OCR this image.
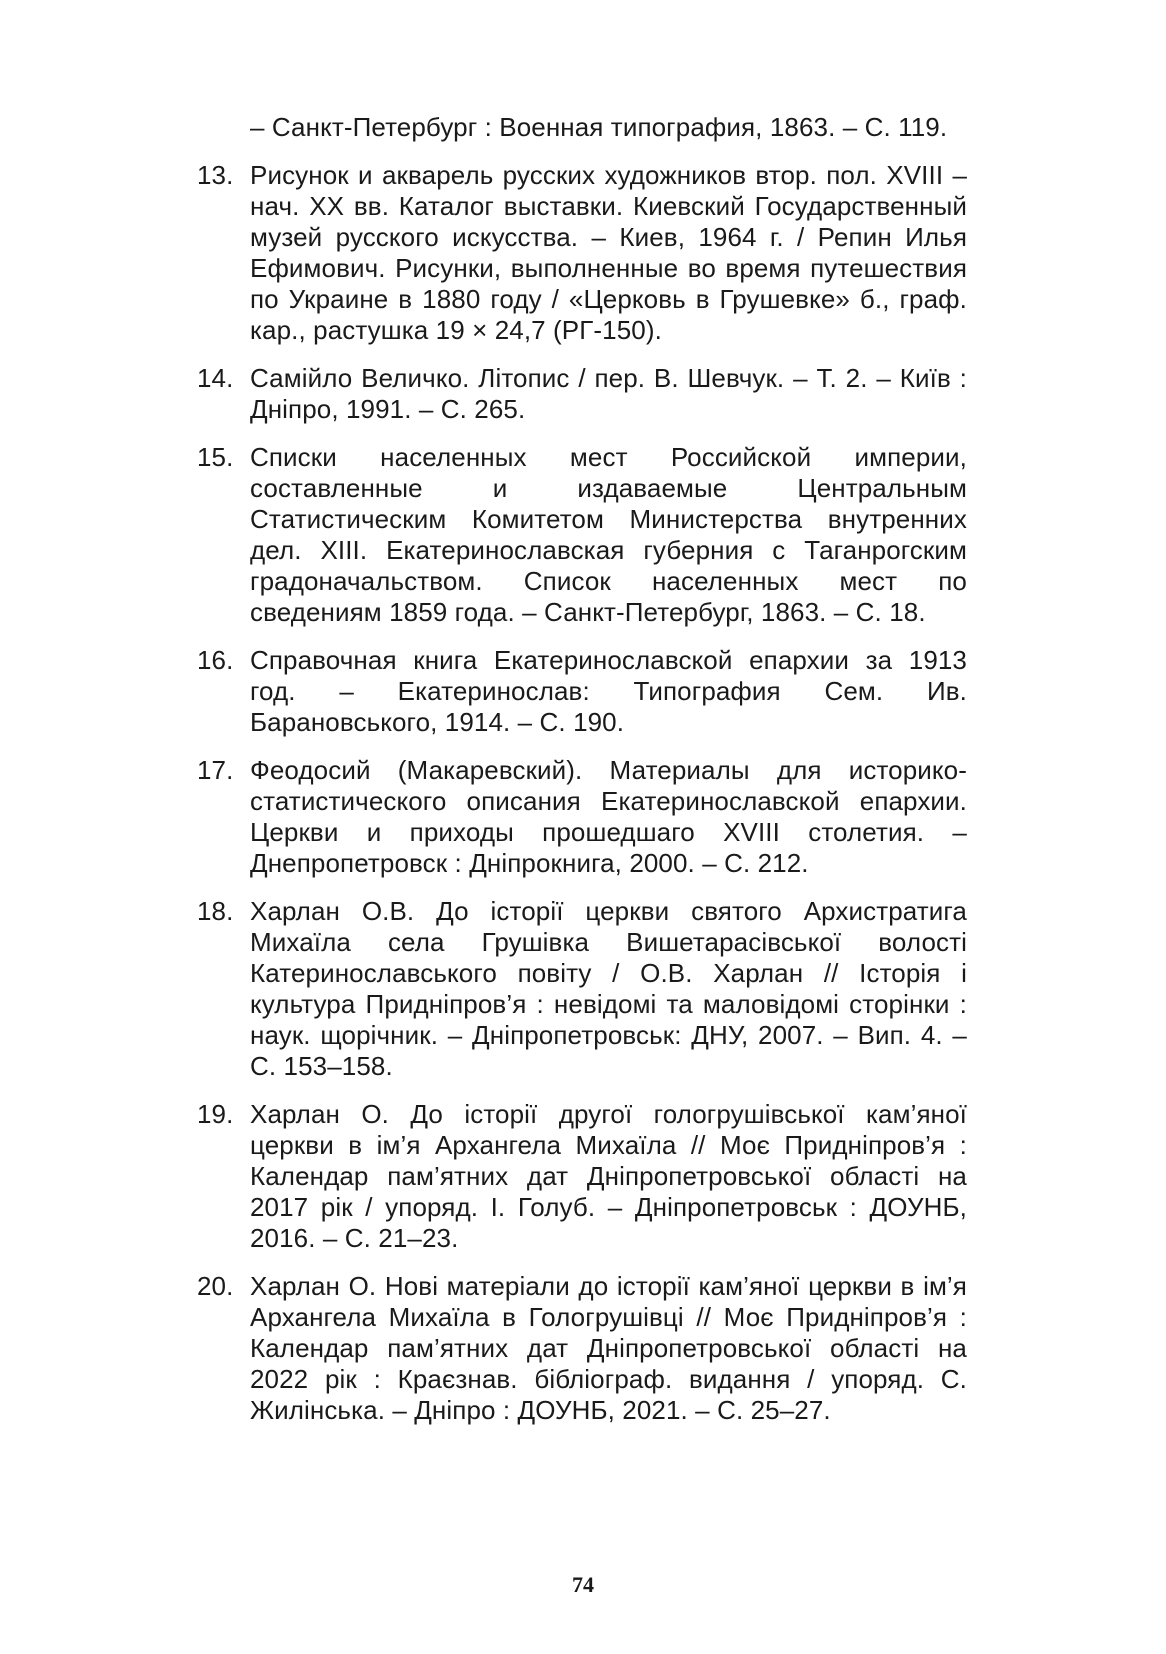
– Санкт-Петербург : Военная типография, 1863. – С. 119.
13. Рисунок и акварель русских художников втор. пол. XVIII – нач. XX вв. Каталог выставки. Киевский Государственный музей русского искусства. – Киев, 1964 г. / Репин Илья Ефимович. Рисунки, выполненные во время путешествия по Украине в 1880 году / «Церковь в Грушевке» б., граф. кар., растушка 19 × 24,7 (РГ-150).
14. Самійло Величко. Літопис / пер. В. Шевчук. – Т. 2. – Київ : Дніпро, 1991. – С. 265.
15. Списки населенных мест Российской империи, составленные и издаваемые Центральным Статистическим Комитетом Министерства внутренних дел. XIII. Екатеринославская губерния с Таганрогским градоначальством. Список населенных мест по сведениям 1859 года. – Санкт-Петербург, 1863. – С. 18.
16. Справочная книга Екатеринославской епархии за 1913 год. – Екатеринослав: Типография Сем. Ив. Барановського, 1914. – С. 190.
17. Феодосий (Макаревский). Материалы для историко-статистического описания Екатеринославской епархии. Церкви и приходы прошедшаго XVIII столетия. – Днепропетровск : Дніпрокнига, 2000. – С. 212.
18. Харлан О.В. До історії церкви святого Архистратига Михаїла села Грушівка Вишетарасівської волості Катеринославського повіту / О.В. Харлан // Історія і культура Придніпров’я : невідомі та маловідомі сторінки : наук. щорічник. – Дніпропетровськ: ДНУ, 2007. – Вип. 4. – С. 153–158.
19. Харлан О. До історії другої гологрушівської кам’яної церкви в ім’я Архангела Михаїла // Моє Придніпров’я : Календар пам’ятних дат Дніпропетровської області на 2017 рік / упоряд. І. Голуб. – Дніпропетровськ : ДОУНБ, 2016. – С. 21–23.
20. Харлан О. Нові матеріали до історії кам’яної церкви в ім’я Архангела Михаїла в Гологрушівці // Моє Придніпров’я : Календар пам’ятних дат Дніпропетровської області на 2022 рік : Краєзнав. бібліограф. видання / упоряд. С. Жилінська. – Дніпро : ДОУНБ, 2021. – С. 25–27.
74
